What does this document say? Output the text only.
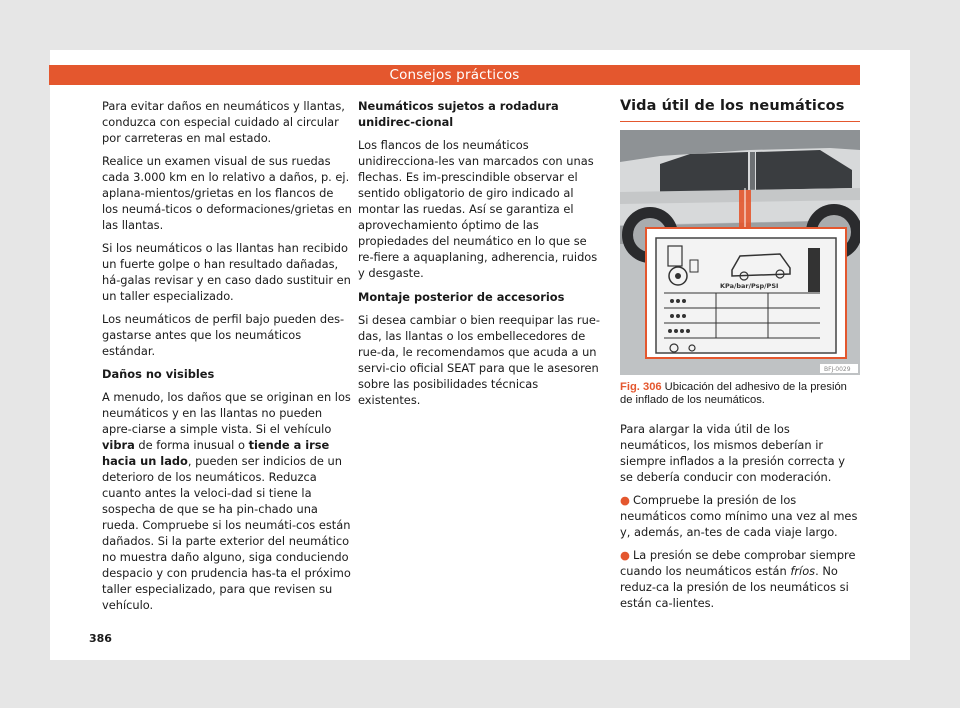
Consejos prácticos

Para evitar daños en neumáticos y llantas, conduzca con especial cuidado al circular por carreteras en mal estado.

Realice un examen visual de sus ruedas cada 3.000 km en lo relativo a daños, p. ej. aplana-mientos/grietas en los flancos de los neumá-ticos o deformaciones/grietas en las llantas.

Si los neumáticos o las llantas han recibido un fuerte golpe o han resultado dañadas, há-galas revisar y en caso dado sustituir en un taller especializado.

Los neumáticos de perfil bajo pueden des-gastarse antes que los neumáticos estándar.

Daños no visibles

A menudo, los daños que se originan en los neumáticos y en las llantas no pueden apre-ciarse a simple vista. Si el vehículo vibra de forma inusual o tiende a irse hacia un lado, pueden ser indicios de un deterioro de los neumáticos. Reduzca cuanto antes la veloci-dad si tiene la sospecha de que se ha pin-chado una rueda. Compruebe si los neumáti-cos están dañados. Si la parte exterior del neumático no muestra daño alguno, siga conduciendo despacio y con prudencia has-ta el próximo taller especializado, para que revisen su vehículo.

Neumáticos sujetos a rodadura unidirec-cional

Los flancos de los neumáticos unidirecciona-les van marcados con unas flechas. Es im-prescindible observar el sentido obligatorio de giro indicado al montar las ruedas. Así se garantiza el aprovechamiento óptimo de las propiedades del neumático en lo que se re-fiere a aquaplaning, adherencia, ruidos y desgaste.

Montaje posterior de accesorios

Si desea cambiar o bien reequipar las rue-das, las llantas o los embellecedores de rue-da, le recomendamos que acuda a un servi-cio oficial SEAT para que le asesoren sobre las posibilidades técnicas existentes.

Vida útil de los neumáticos
KPa/bar/Psp/PSI
BFJ-0029
Fig. 306 Ubicación del adhesivo de la presión de inflado de los neumáticos.

Para alargar la vida útil de los neumáticos, los mismos deberían ir siempre inflados a la presión correcta y se debería conducir con moderación.

● Compruebe la presión de los neumáticos como mínimo una vez al mes y, además, an-tes de cada viaje largo.

● La presión se debe comprobar siempre cuando los neumáticos están fríos. No reduz-ca la presión de los neumáticos si están ca-lientes.

386
